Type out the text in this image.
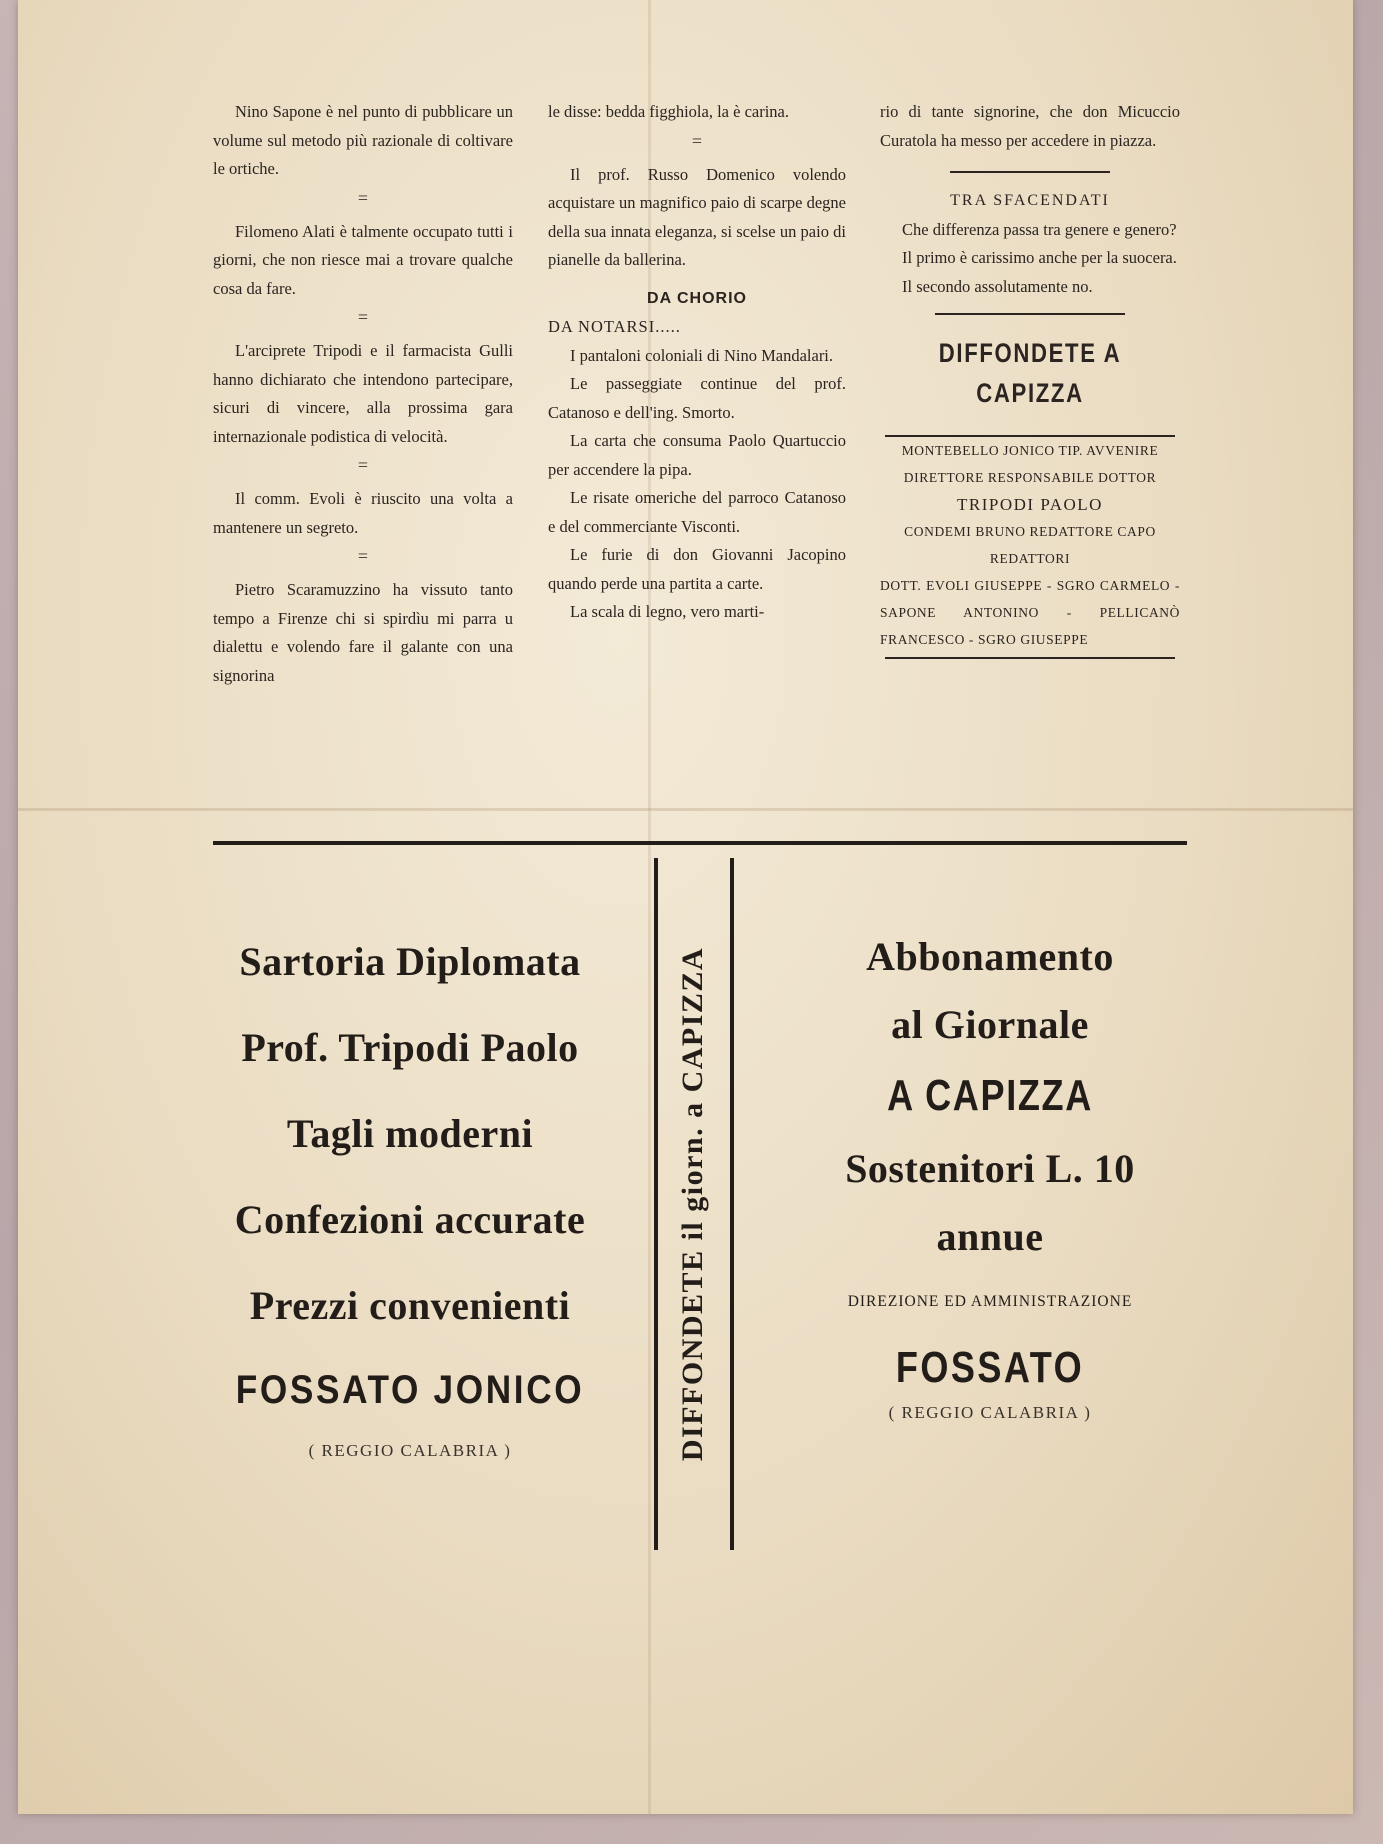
Nino Sapone è nel punto di pubblicare un volume sul metodo più razionale di coltivare le ortiche.

=

Filomeno Alati è talmente occupato tutti i giorni, che non riesce mai a trovare qualche cosa da fare.

=

L'arciprete Tripodi e il farmacista Gulli hanno dichiarato che intendono partecipare, sicuri di vincere, alla prossima gara internazionale podistica di velocità.

=

Il comm. Evoli è riuscito una volta a mantenere un segreto.

=

Pietro Scaramuzzino ha vissuto tanto tempo a Firenze chi si spirdìu mi parra u dialettu e volendo fare il galante con una signorina

le disse: bedda figghiola, la è carina.

=

Il prof. Russo Domenico volendo acquistare un magnifico paio di scarpe degne della sua innata eleganza, si scelse un paio di pianelle da ballerina.

DA CHORIO

DA NOTARSI.....

I pantaloni coloniali di Nino Mandalari.

Le passeggiate continue del prof. Catanoso e dell'ing. Smorto.

La carta che consuma Paolo Quartuccio per accendere la pipa.

Le risate omeriche del parroco Catanoso e del commerciante Visconti.

Le furie di don Giovanni Jacopino quando perde una partita a carte.

La scala di legno, vero marti-

rio di tante signorine, che don Micuccio Curatola ha messo per accedere in piazza.

TRA SFACENDATI

Che differenza passa tra genere e genero?

Il primo è carissimo anche per la suocera.

Il secondo assolutamente no.

DIFFONDETE A CAPIZZA

MONTEBELLO JONICO TIP. AVVENIRE

DIRETTORE RESPONSABILE DOTTOR

TRIPODI PAOLO

CONDEMI BRUNO REDATTORE CAPO

REDATTORI

DOTT. EVOLI GIUSEPPE - SGRO CARMELO - SAPONE ANTONINO - PELLICANÒ FRANCESCO - SGRO GIUSEPPE

DIFFONDETE il giorn. a CAPIZZA
Sartoria Diplomata
Prof. Tripodi Paolo
Tagli moderni
Confezioni accurate
Prezzi convenienti
FOSSATO JONICO
( REGGIO CALABRIA )
Abbonamento
al Giornale
A CAPIZZA
Sostenitori L. 10
annue
DIREZIONE ED AMMINISTRAZIONE
FOSSATO
( REGGIO CALABRIA )
